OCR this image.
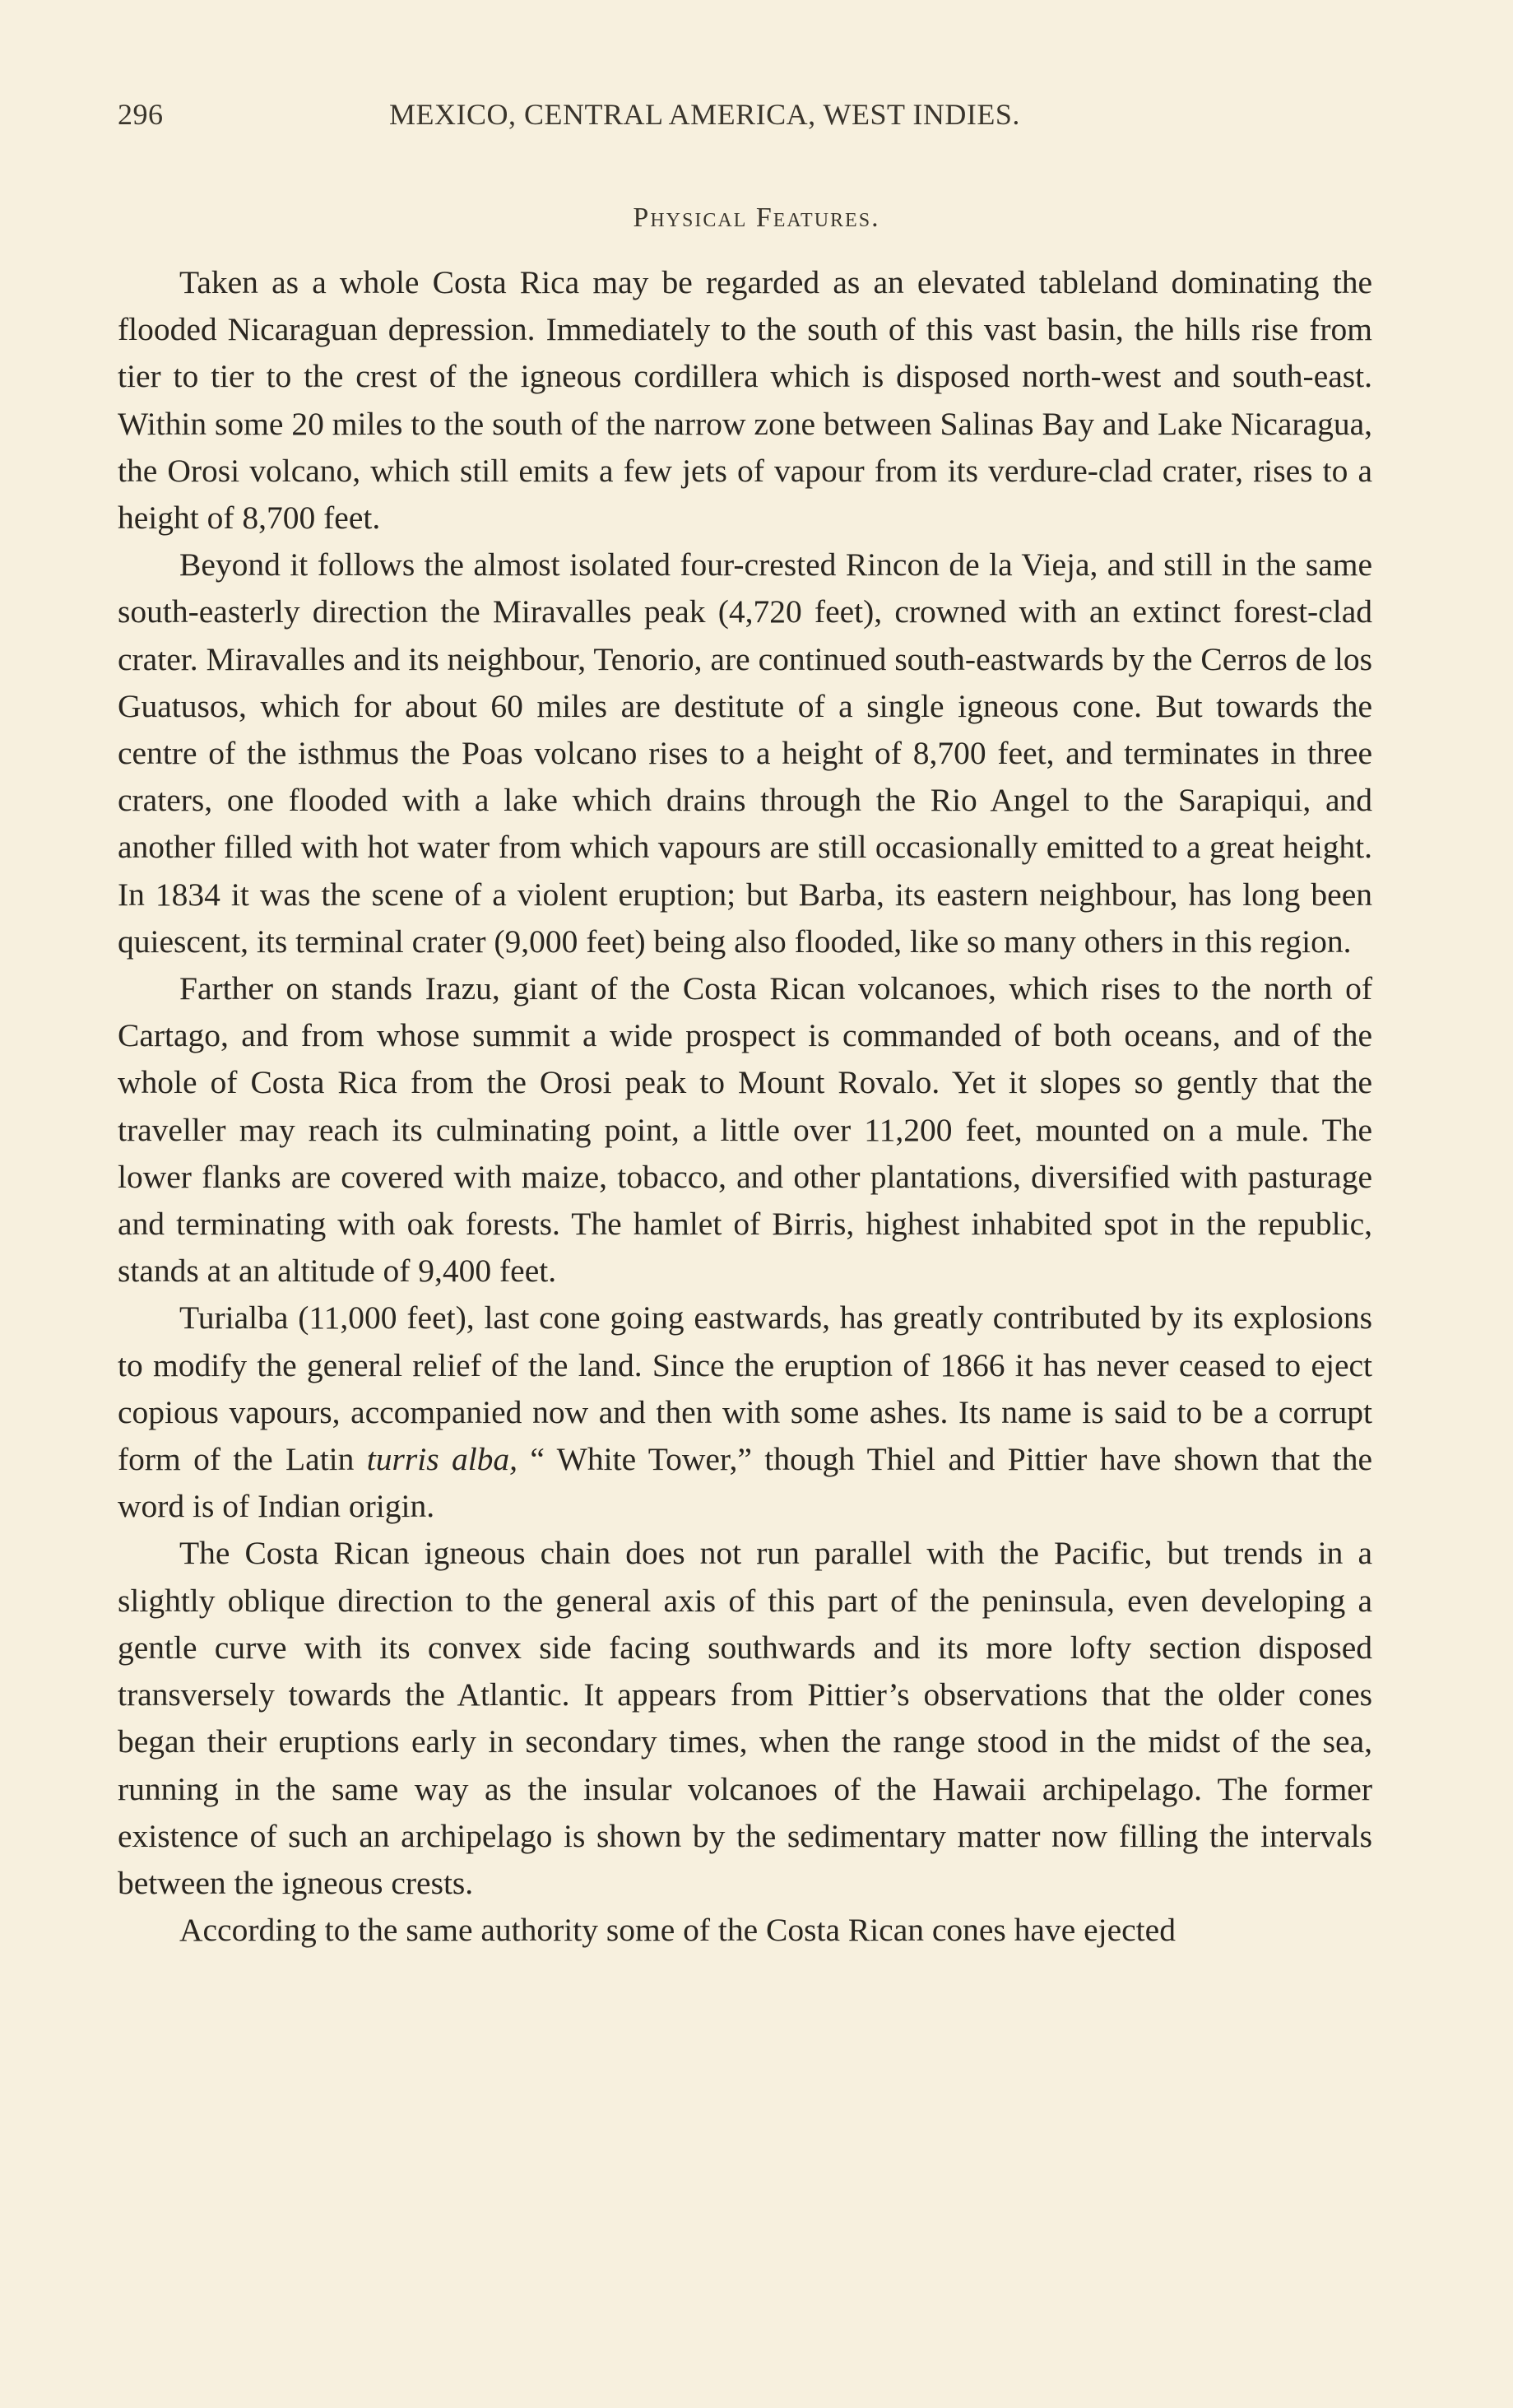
296	MEXICO, CENTRAL AMERICA, WEST INDIES.
Physical Features.

Taken as a whole Costa Rica may be regarded as an elevated tableland dominating the flooded Nicaraguan depression. Immediately to the south of this vast basin, the hills rise from tier to tier to the crest of the igneous cordillera which is disposed north-west and south-east. Within some 20 miles to the south of the narrow zone between Salinas Bay and Lake Nicaragua, the Orosi volcano, which still emits a few jets of vapour from its verdure-clad crater, rises to a height of 8,700 feet.

Beyond it follows the almost isolated four-crested Rincon de la Vieja, and still in the same south-easterly direction the Miravalles peak (4,720 feet), crowned with an extinct forest-clad crater. Miravalles and its neighbour, Tenorio, are continued south-eastwards by the Cerros de los Guatusos, which for about 60 miles are destitute of a single igneous cone. But towards the centre of the isthmus the Poas volcano rises to a height of 8,700 feet, and terminates in three craters, one flooded with a lake which drains through the Rio Angel to the Sarapiqui, and another filled with hot water from which vapours are still occasionally emitted to a great height. In 1834 it was the scene of a violent eruption; but Barba, its eastern neighbour, has long been quiescent, its terminal crater (9,000 feet) being also flooded, like so many others in this region.

Farther on stands Irazu, giant of the Costa Rican volcanoes, which rises to the north of Cartago, and from whose summit a wide prospect is commanded of both oceans, and of the whole of Costa Rica from the Orosi peak to Mount Rovalo. Yet it slopes so gently that the traveller may reach its culminating point, a little over 11,200 feet, mounted on a mule. The lower flanks are covered with maize, tobacco, and other plantations, diversified with pasturage and terminating with oak forests. The hamlet of Birris, highest inhabited spot in the republic, stands at an altitude of 9,400 feet.

Turialba (11,000 feet), last cone going eastwards, has greatly contributed by its explosions to modify the general relief of the land. Since the eruption of 1866 it has never ceased to eject copious vapours, accompanied now and then with some ashes. Its name is said to be a corrupt form of the Latin turris alba, “ White Tower,” though Thiel and Pittier have shown that the word is of Indian origin.

The Costa Rican igneous chain does not run parallel with the Pacific, but trends in a slightly oblique direction to the general axis of this part of the peninsula, even developing a gentle curve with its convex side facing southwards and its more lofty section disposed transversely towards the Atlantic. It appears from Pittier’s observations that the older cones began their eruptions early in secondary times, when the range stood in the midst of the sea, running in the same way as the insular volcanoes of the Hawaii archipelago. The former existence of such an archipelago is shown by the sedimentary matter now filling the intervals between the igneous crests.

According to the same authority some of the Costa Rican cones have ejected
